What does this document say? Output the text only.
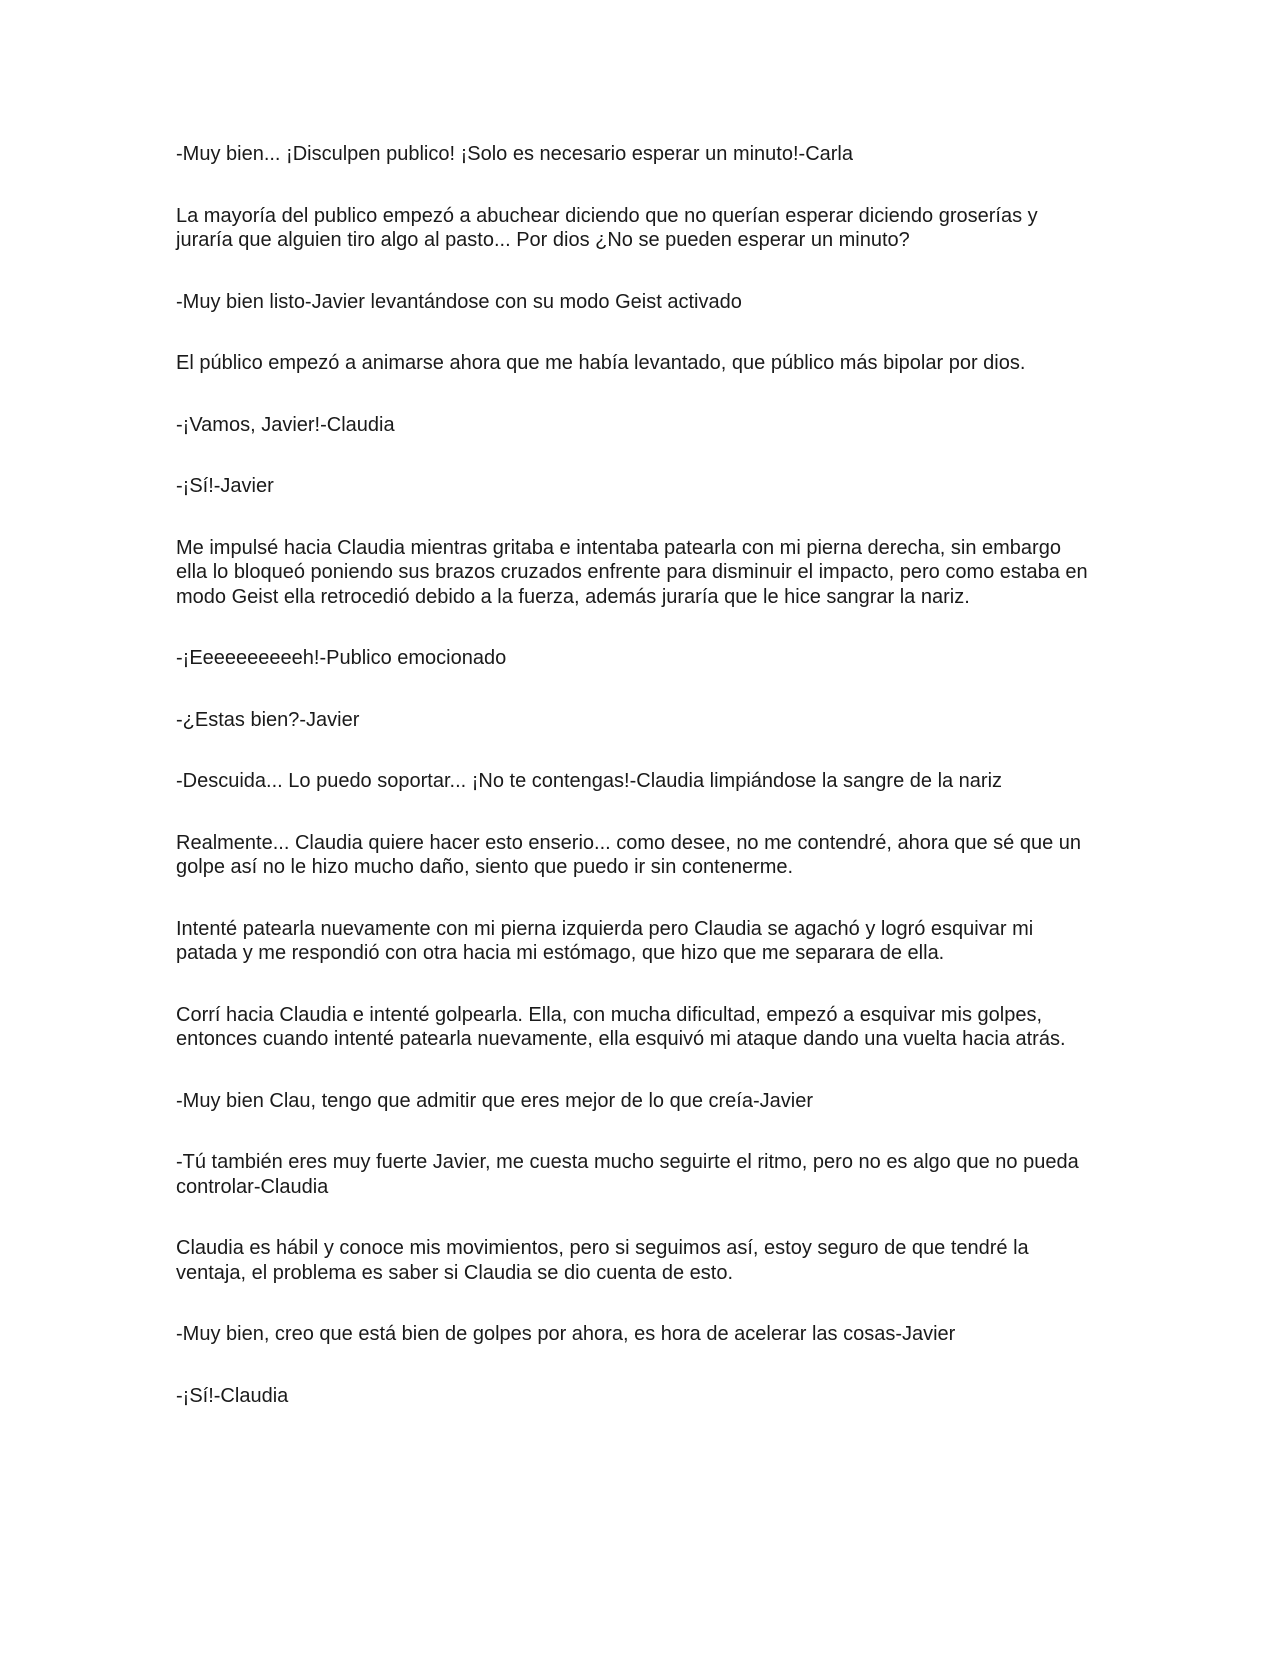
-Muy bien... ¡Disculpen publico! ¡Solo es necesario esperar un minuto!-Carla

La mayoría del publico empezó a abuchear diciendo que no querían esperar diciendo groserías y juraría que alguien tiro algo al pasto... Por dios ¿No se pueden esperar un minuto?

-Muy bien listo-Javier levantándose con su modo Geist activado

El público empezó a animarse ahora que me había levantado, que público más bipolar por dios.

-¡Vamos, Javier!-Claudia

-¡Sí!-Javier

Me impulsé hacia Claudia mientras gritaba e intentaba patearla con mi pierna derecha, sin embargo ella lo bloqueó poniendo sus brazos cruzados enfrente para disminuir el impacto, pero como estaba en modo Geist ella retrocedió debido a la fuerza, además juraría que le hice sangrar la nariz.

-¡Eeeeeeeeeeh!-Publico emocionado

-¿Estas bien?-Javier

-Descuida... Lo puedo soportar... ¡No te contengas!-Claudia limpiándose la sangre de la nariz

Realmente... Claudia quiere hacer esto enserio... como desee, no me contendré, ahora que sé que un golpe así no le hizo mucho daño, siento que puedo ir sin contenerme.

Intenté patearla nuevamente con mi pierna izquierda pero Claudia se agachó y logró esquivar mi patada y me respondió con otra hacia mi estómago, que hizo que me separara de ella.

Corrí hacia Claudia e intenté golpearla. Ella, con mucha dificultad, empezó a esquivar mis golpes, entonces cuando intenté patearla nuevamente, ella esquivó mi ataque dando una vuelta hacia atrás.

-Muy bien Clau, tengo que admitir que eres mejor de lo que creía-Javier

-Tú también eres muy fuerte Javier, me cuesta mucho seguirte el ritmo, pero no es algo que no pueda controlar-Claudia

Claudia es hábil y conoce mis movimientos, pero si seguimos así, estoy seguro de que tendré la ventaja, el problema es saber si Claudia se dio cuenta de esto.

-Muy bien, creo que está bien de golpes por ahora, es hora de acelerar las cosas-Javier

-¡Sí!-Claudia
